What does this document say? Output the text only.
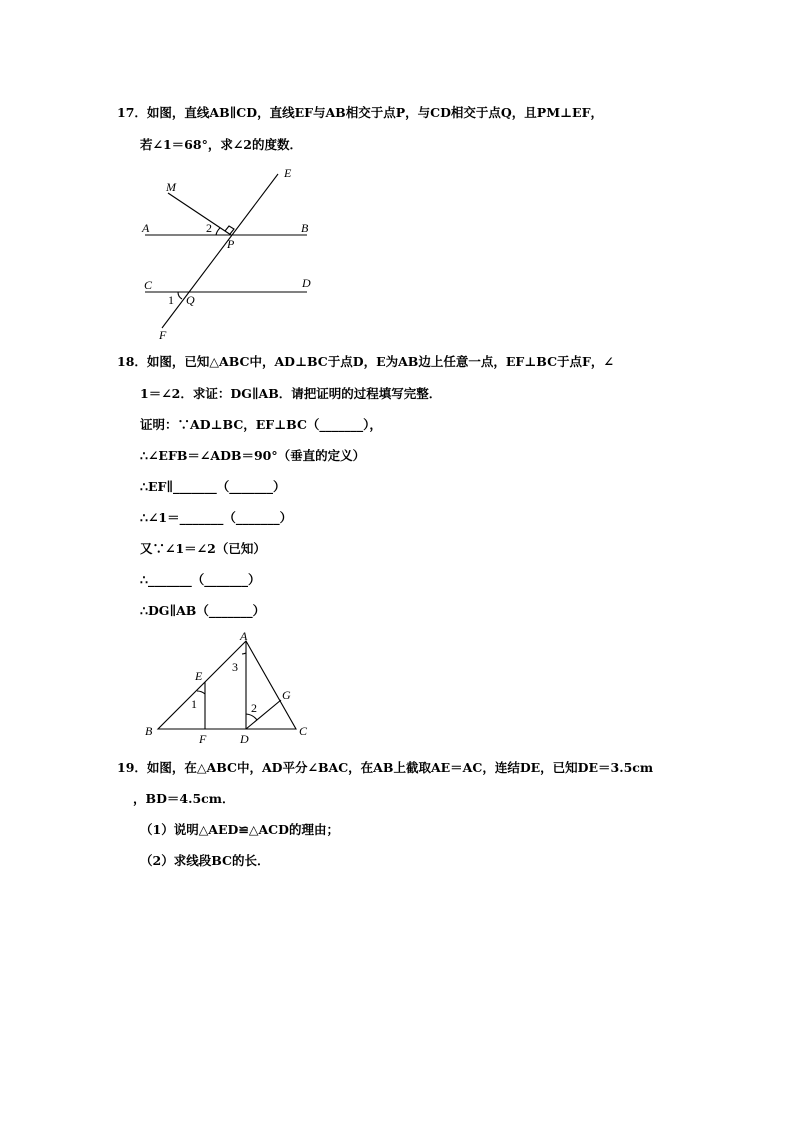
17．如图，直线AB∥CD，直线EF与AB相交于点P，与CD相交于点Q，且PM⊥EF，
若∠1＝68°，求∠2的度数．
E
M
A	2	B
P
C	D
1 Q
F
18．如图，已知△ABC中，AD⊥BC于点D，E为AB边上任意一点，EF⊥BC于点F，∠
1＝∠2．求证：DG∥AB．请把证明的过程填写完整．
证明：∵AD⊥BC，EF⊥BC（_______），
∴∠EFB＝∠ADB＝90°（垂直的定义）
∴EF∥_______（_______）
∴∠1＝_______（_______）
又∵∠1＝∠2（已知）
∴_______（_______）
∴DG∥AB（_______）
A
3
E
G
1	2
B
F	D
C
19．如图，在△ABC中，AD平分∠BAC，在AB上截取AE＝AC，连结DE，已知DE＝3.5cm
，BD＝4.5cm．
（1）说明△AED≌△ACD的理由；
（2）求线段BC的长．
